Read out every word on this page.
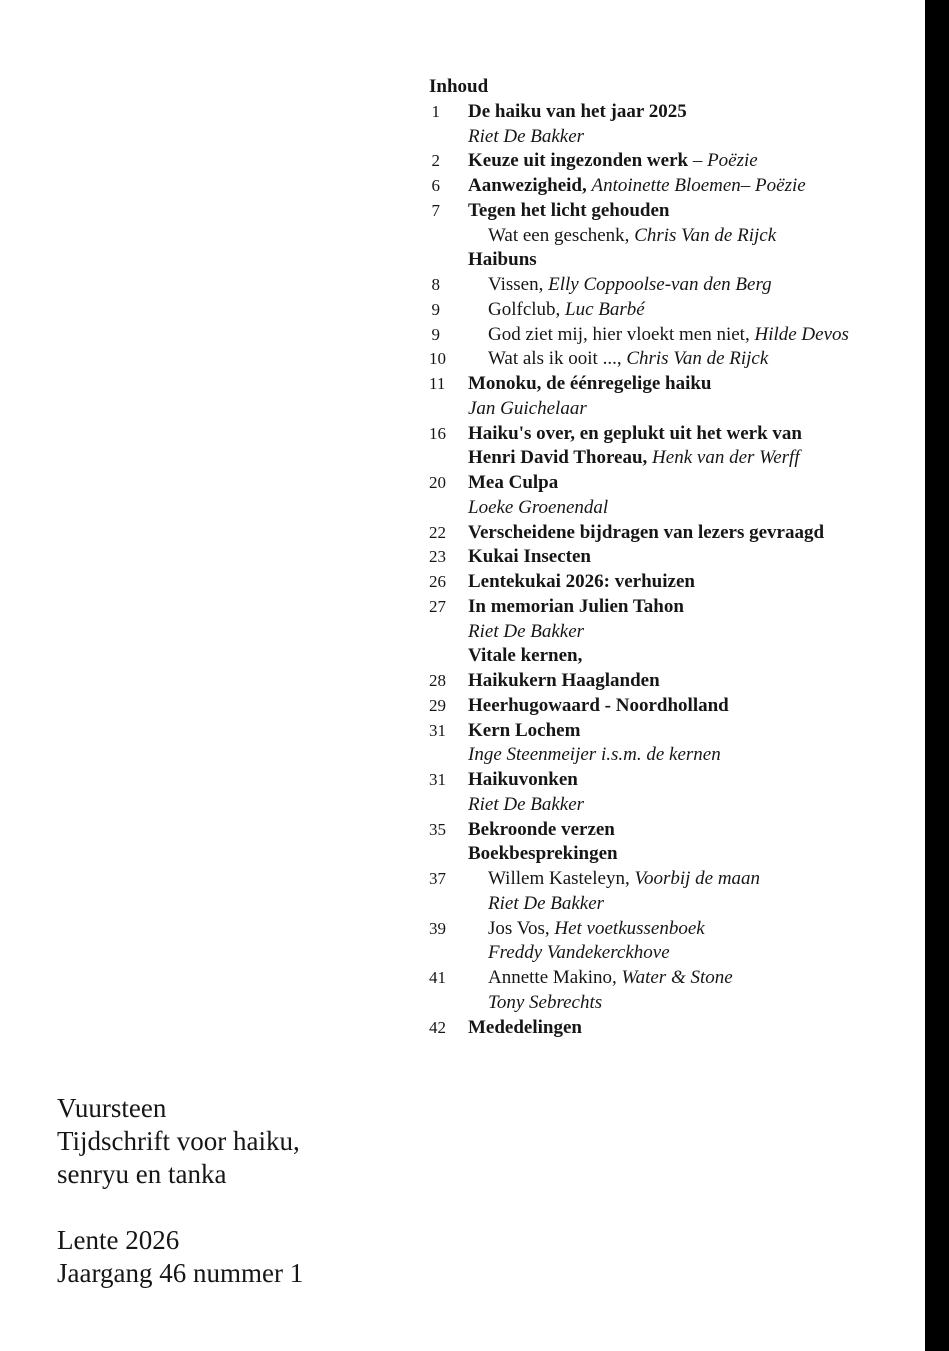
Inhoud
1 De haiku van het jaar 2025
Riet De Bakker
2 Keuze uit ingezonden werk – Poëzie
6 Aanwezigheid, Antoinette Bloemen– Poëzie
7 Tegen het licht gehouden
Wat een geschenk, Chris Van de Rijck
Haibuns
8	Vissen, Elly Coppoolse-van den Berg
9	Golfclub, Luc Barbé
9	God ziet mij, hier vloekt men niet, Hilde Devos
10 Wat als ik ooit ..., Chris Van de Rijck
11 Monoku, de éénregelige haiku
Jan Guichelaar
16 Haiku's over, en geplukt uit het werk van
Henri David Thoreau, Henk van der Werff
20 Mea Culpa
Loeke Groenendal
22 Verscheidene bijdragen van lezers gevraagd
23 Kukai Insecten
26 Lentekukai 2026: verhuizen
27 In memorian Julien Tahon
Riet De Bakker
Vitale kernen,
28 Haikukern Haaglanden
29 Heerhugowaard - Noordholland
31 Kern Lochem
Inge Steenmeijer i.s.m. de kernen
31 Haikuvonken
Riet De Bakker
35 Bekroonde verzen
Boekbesprekingen
37 Willem Kasteleyn, Voorbij de maan
Riet De Bakker
39 Jos Vos, Het voetkussenboek
Freddy Vandekerckhove
41 Annette Makino, Water & Stone
Tony Sebrechts
42 Mededelingen
Vuursteen
Tijdschrift voor haiku,
senryu en tanka
Lente 2026
Jaargang 46 nummer 1
